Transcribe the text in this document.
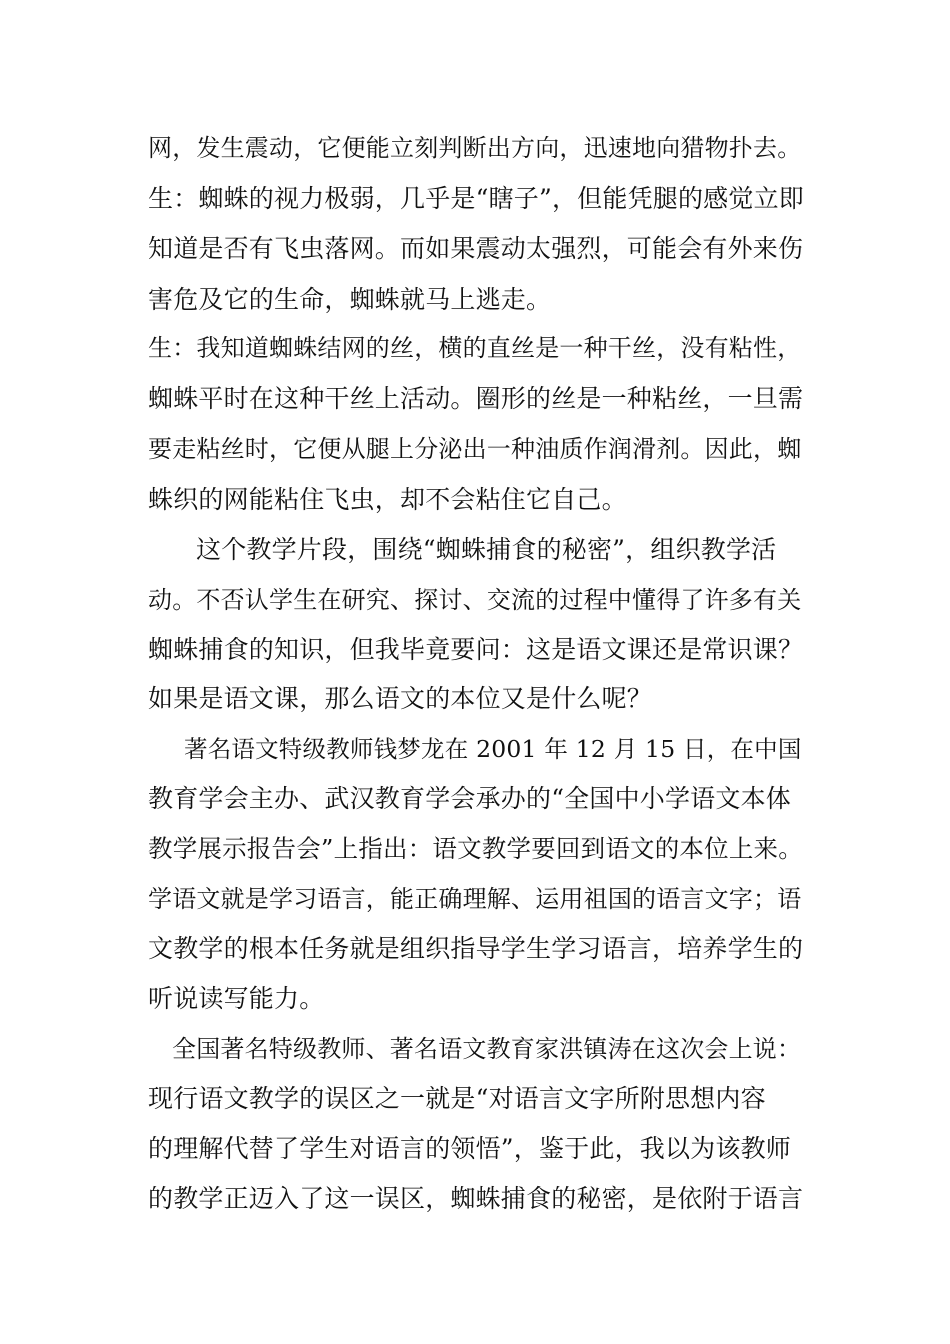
网，发生震动，它便能立刻判断出方向，迅速地向猎物扑去。
生：蜘蛛的视力极弱，几乎是“瞎子”，但能凭腿的感觉立即
知道是否有飞虫落网。而如果震动太强烈，可能会有外来伤
害危及它的生命，蜘蛛就马上逃走。
生：我知道蜘蛛结网的丝，横的直丝是一种干丝，没有粘性，
蜘蛛平时在这种干丝上活动。圈形的丝是一种粘丝，一旦需
要走粘丝时，它便从腿上分泌出一种油质作润滑剂。因此，蜘
蛛织的网能粘住飞虫，却不会粘住它自己。
这个教学片段，围绕“蜘蛛捕食的秘密”，组织教学活
动。不否认学生在研究、探讨、交流的过程中懂得了许多有关
蜘蛛捕食的知识，但我毕竟要问：这是语文课还是常识课？
如果是语文课，那么语文的本位又是什么呢？
著名语文特级教师钱梦龙在 2001 年 12 月 15 日，在中国
教育学会主办、武汉教育学会承办的“全国中小学语文本体
教学展示报告会”上指出：语文教学要回到语文的本位上来。
学语文就是学习语言，能正确理解、运用祖国的语言文字；语
文教学的根本任务就是组织指导学生学习语言，培养学生的
听说读写能力。
全国著名特级教师、著名语文教育家洪镇涛在这次会上说：
现行语文教学的误区之一就是“对语言文字所附思想内容
的理解代替了学生对语言的领悟”，鉴于此，我以为该教师
的教学正迈入了这一误区，蜘蛛捕食的秘密，是依附于语言
